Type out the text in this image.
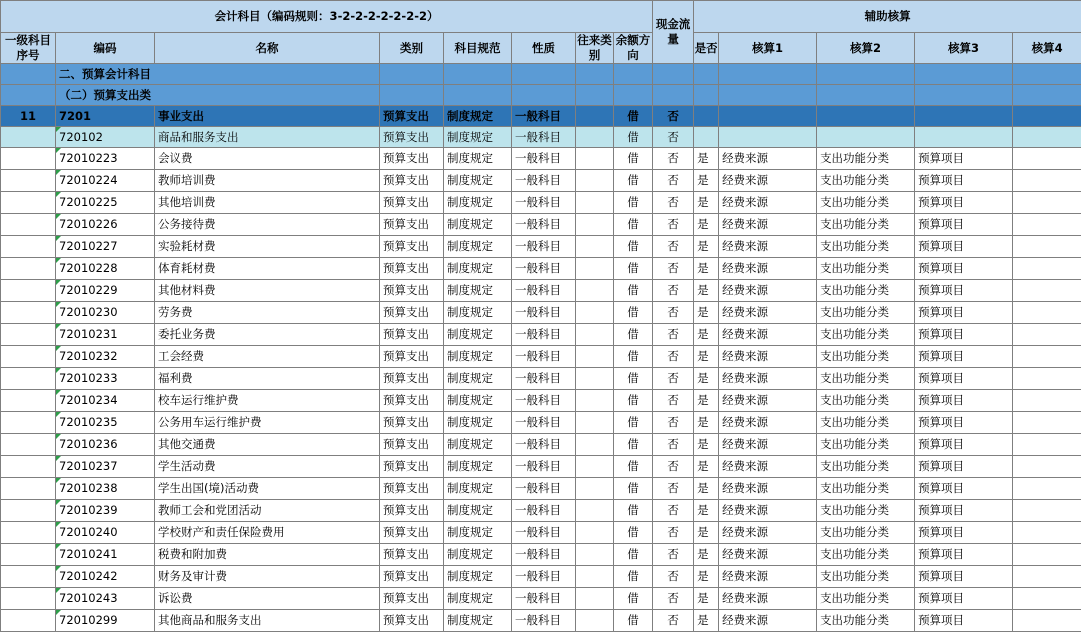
会计科目（编码规则：3-2-2-2-2-2-2-2）								现金流量	辅助核算				
一级科目序号	编码	名称	类别	科目规范	性质	往来类别	余额方向		是否	核算1	核算2	核算3	核算4
	二、预算会计科目												
	（二）预算支出类												
11	7201	事业支出	预算支出	制度规定	一般科目		借	否					
	720102	商品和服务支出	预算支出	制度规定	一般科目		借	否					
	72010223	会议费	预算支出	制度规定	一般科目		借	否	是	经费来源	支出功能分类	预算项目	
	72010224	教师培训费	预算支出	制度规定	一般科目		借	否	是	经费来源	支出功能分类	预算项目	
	72010225	其他培训费	预算支出	制度规定	一般科目		借	否	是	经费来源	支出功能分类	预算项目	
	72010226	公务接待费	预算支出	制度规定	一般科目		借	否	是	经费来源	支出功能分类	预算项目	
	72010227	实验耗材费	预算支出	制度规定	一般科目		借	否	是	经费来源	支出功能分类	预算项目	
	72010228	体育耗材费	预算支出	制度规定	一般科目		借	否	是	经费来源	支出功能分类	预算项目	
	72010229	其他材料费	预算支出	制度规定	一般科目		借	否	是	经费来源	支出功能分类	预算项目	
	72010230	劳务费	预算支出	制度规定	一般科目		借	否	是	经费来源	支出功能分类	预算项目	
	72010231	委托业务费	预算支出	制度规定	一般科目		借	否	是	经费来源	支出功能分类	预算项目	
	72010232	工会经费	预算支出	制度规定	一般科目		借	否	是	经费来源	支出功能分类	预算项目	
	72010233	福利费	预算支出	制度规定	一般科目		借	否	是	经费来源	支出功能分类	预算项目	
	72010234	校车运行维护费	预算支出	制度规定	一般科目		借	否	是	经费来源	支出功能分类	预算项目	
	72010235	公务用车运行维护费	预算支出	制度规定	一般科目		借	否	是	经费来源	支出功能分类	预算项目	
	72010236	其他交通费	预算支出	制度规定	一般科目		借	否	是	经费来源	支出功能分类	预算项目	
	72010237	学生活动费	预算支出	制度规定	一般科目		借	否	是	经费来源	支出功能分类	预算项目	
	72010238	学生出国(境)活动费	预算支出	制度规定	一般科目		借	否	是	经费来源	支出功能分类	预算项目	
	72010239	教师工会和党团活动	预算支出	制度规定	一般科目		借	否	是	经费来源	支出功能分类	预算项目	
	72010240	学校财产和责任保险费用	预算支出	制度规定	一般科目		借	否	是	经费来源	支出功能分类	预算项目	
	72010241	税费和附加费	预算支出	制度规定	一般科目		借	否	是	经费来源	支出功能分类	预算项目	
	72010242	财务及审计费	预算支出	制度规定	一般科目		借	否	是	经费来源	支出功能分类	预算项目	
	72010243	诉讼费	预算支出	制度规定	一般科目		借	否	是	经费来源	支出功能分类	预算项目	
	72010299	其他商品和服务支出	预算支出	制度规定	一般科目		借	否	是	经费来源	支出功能分类	预算项目	
